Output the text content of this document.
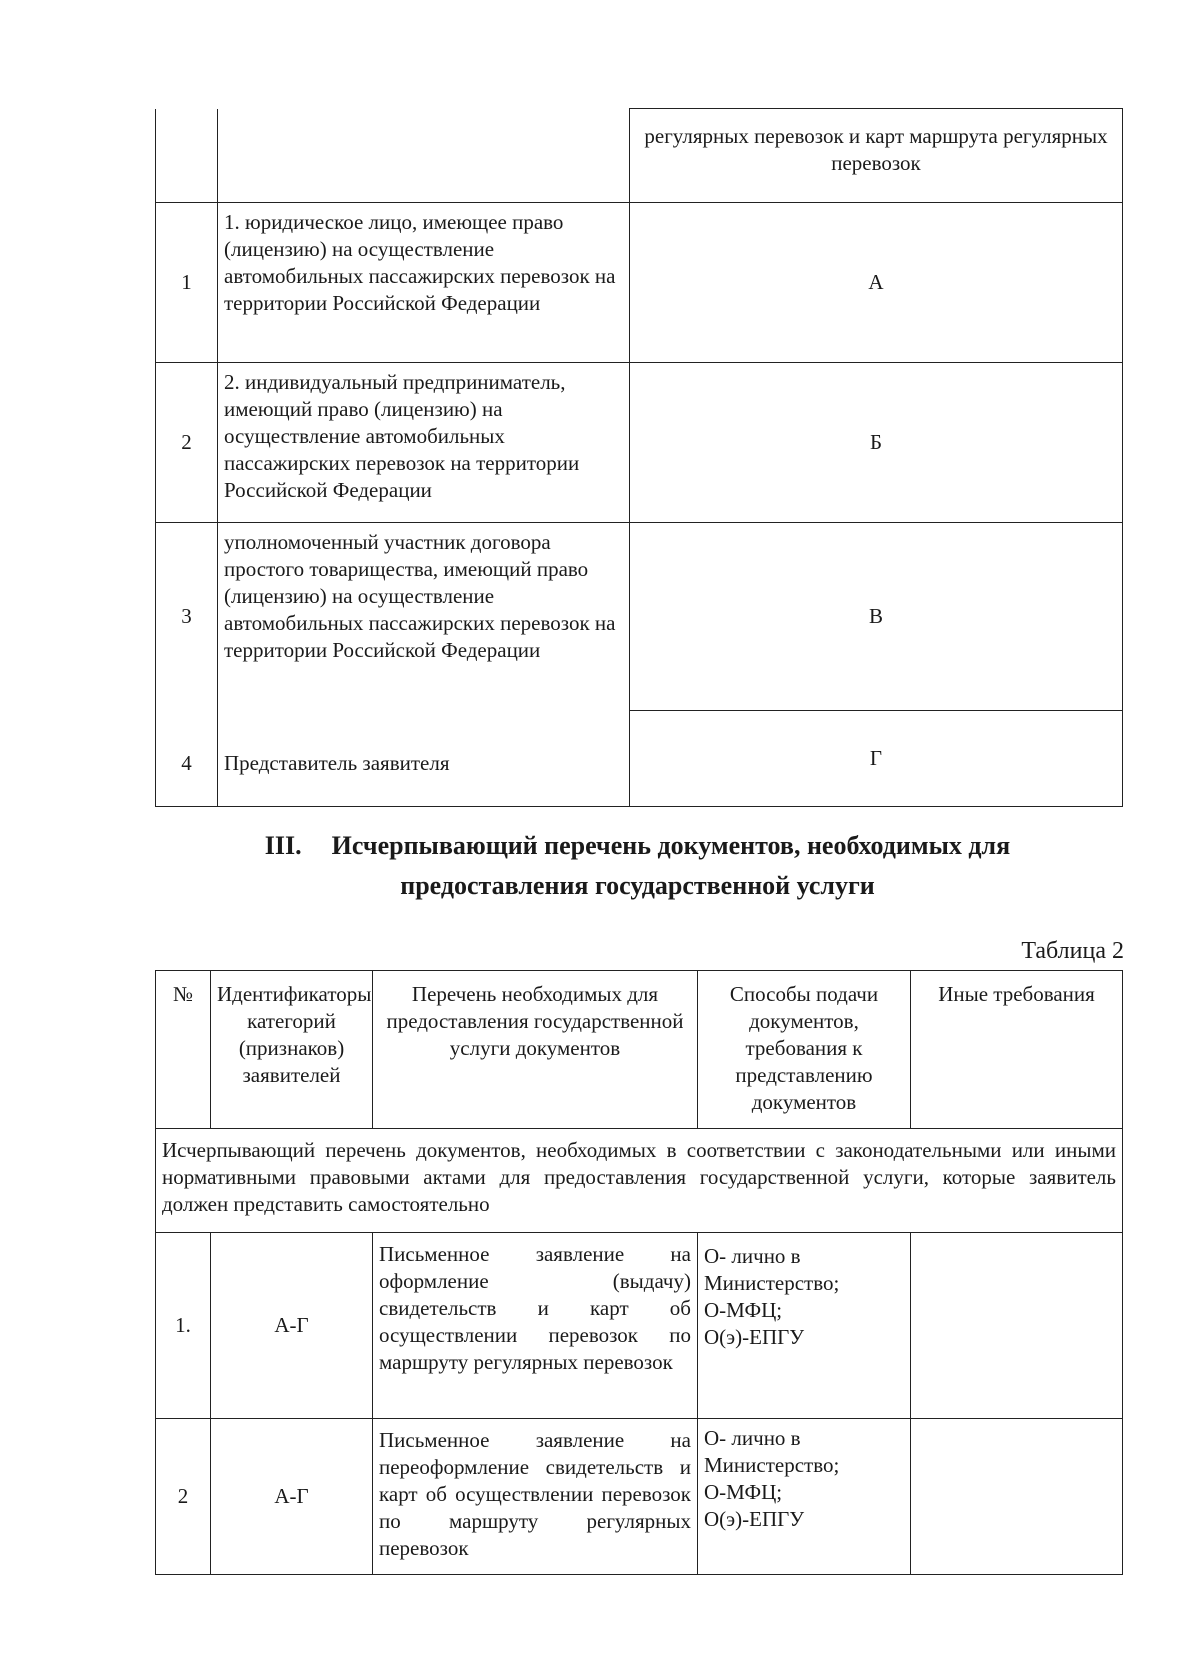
		регулярных перевозок и карт маршрута регулярных перевозок
1	1. юридическое лицо, имеющее право (лицензию) на осуществление автомобильных пассажирских перевозок на территории Российской Федерации	А
2	2. индивидуальный предприниматель, имеющий право (лицензию) на осуществление автомобильных пассажирских перевозок на территории Российской Федерации	Б
3	уполномоченный участник договора простого товарищества, имеющий право (лицензию) на осуществление автомобильных пассажирских перевозок на территории Российской Федерации	В
4	Представитель заявителя	Г
III. Исчерпывающий перечень документов, необходимых для
предоставления государственной услуги
Таблица 2
№	Идентификаторы категорий (признаков) заявителей	Перечень необходимых для предоставления государственной услуги документов	Способы подачи документов, требования к представлению документов	Иные требования
Исчерпывающий перечень документов, необходимых в соответствии с законодательными или иными нормативными правовыми актами для предоставления государственной услуги, которые заявитель должен представить самостоятельно				
1.	А-Г	Письменное заявление на оформление (выдачу) свидетельств и карт об осуществлении перевозок по маршруту регулярных перевозок	О- лично в Министерство;
О-МФЦ;
О(э)-ЕПГУ	

2	А-Г	Письменное заявление на переоформление свидетельств и карт об осуществлении перевозок по маршруту регулярных перевозок	О- лично в Министерство;
О-МФЦ;
О(э)-ЕПГУ	
